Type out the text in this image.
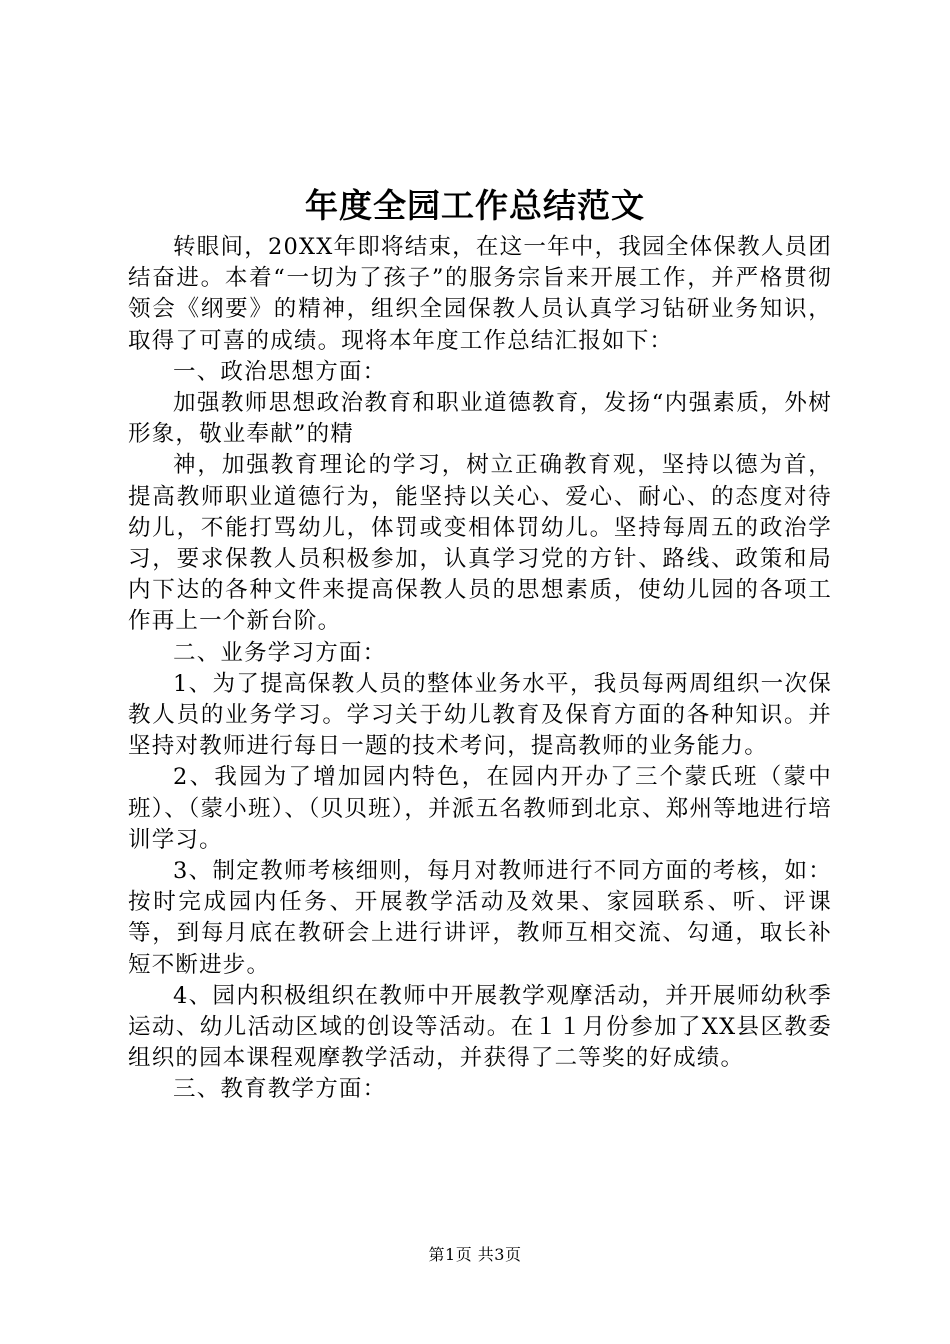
年度全园工作总结范文

转眼间，20XX年即将结束，在这一年中，我园全体保教人员团结奋进。本着“一切为了孩子”的服务宗旨来开展工作，并严格贯彻领会《纲要》的精神，组织全园保教人员认真学习钻研业务知识，取得了可喜的成绩。现将本年度工作总结汇报如下：

一、政治思想方面：

加强教师思想政治教育和职业道德教育，发扬“内强素质，外树形象，敬业奉献”的精

神，加强教育理论的学习，树立正确教育观，坚持以德为首，提高教师职业道德行为，能坚持以关心、爱心、耐心、的态度对待幼儿，不能打骂幼儿，体罚或变相体罚幼儿。坚持每周五的政治学习，要求保教人员积极参加，认真学习党的方针、路线、政策和局内下达的各种文件来提高保教人员的思想素质，使幼儿园的各项工作再上一个新台阶。

二、业务学习方面：

1、为了提高保教人员的整体业务水平，我员每两周组织一次保教人员的业务学习。学习关于幼儿教育及保育方面的各种知识。并坚持对教师进行每日一题的技术考问，提高教师的业务能力。

2、我园为了增加园内特色，在园内开办了三个蒙氏班（蒙中班）、（蒙小班）、（贝贝班），并派五名教师到北京、郑州等地进行培训学习。

3、制定教师考核细则，每月对教师进行不同方面的考核，如：按时完成园内任务、开展教学活动及效果、家园联系、听、评课等，到每月底在教研会上进行讲评，教师互相交流、勾通，取长补短不断进步。

4、园内积极组织在教师中开展教学观摩活动，并开展师幼秋季运动、幼儿活动区域的创设等活动。在１１月份参加了XX县区教委组织的园本课程观摩教学活动，并获得了二等奖的好成绩。

三、教育教学方面：

第1页 共3页
